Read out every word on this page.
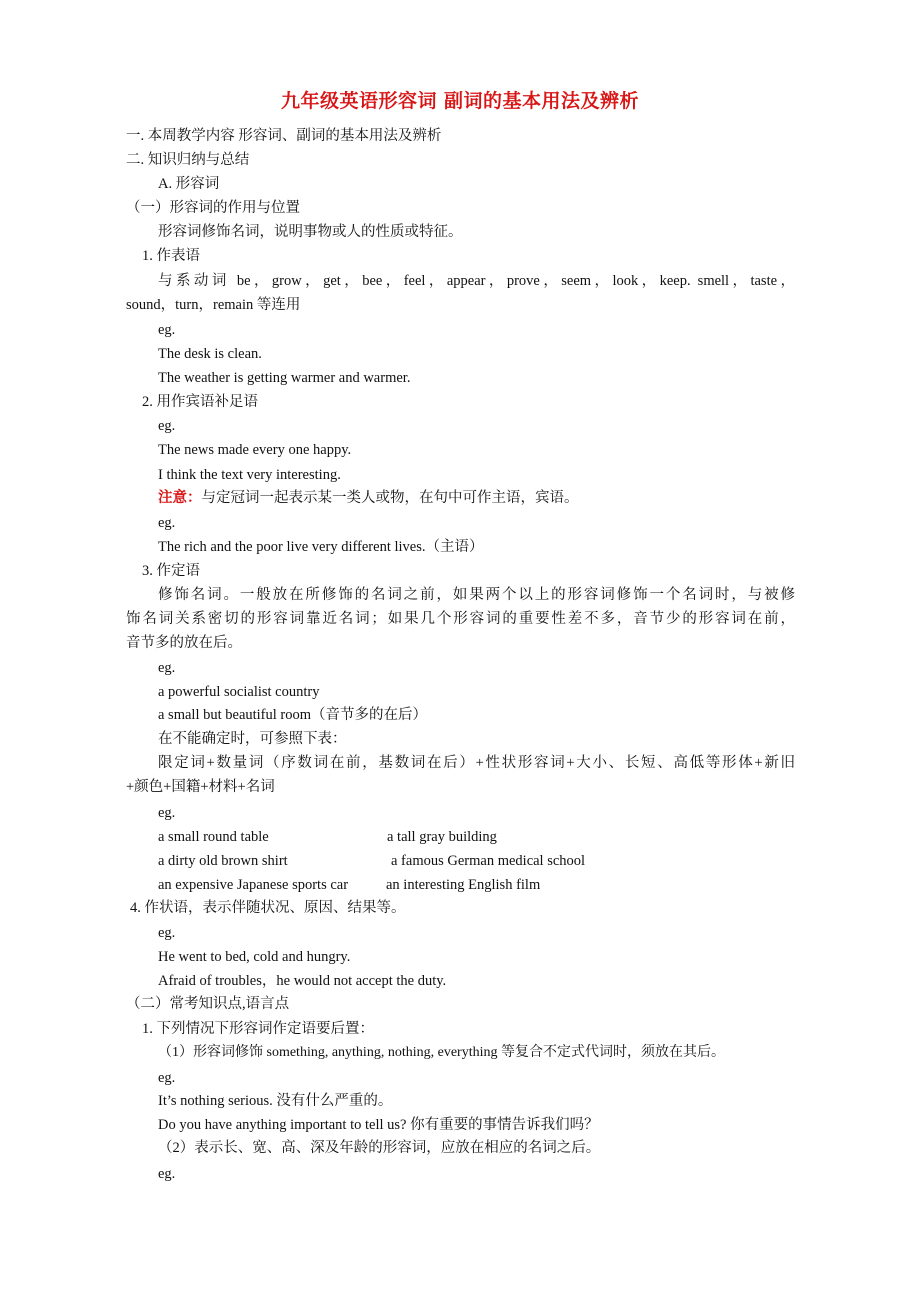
九年级英语形容词 副词的基本用法及辨析
一. 本周教学内容 形容词、副词的基本用法及辨析
二. 知识归纳与总结
A. 形容词
（一）形容词的作用与位置
形容词修饰名词，说明事物或人的性质或特征。
1. 作表语
与系动词 be，grow，get，bee，feel，appear，prove，seem，look，keep. smell，taste，
sound，turn，remain 等连用
eg.
The desk is clean.
The weather is getting warmer and warmer.
2. 用作宾语补足语
eg.
The news made every one happy.
I think the text very interesting.
注意：与定冠词一起表示某一类人或物，在句中可作主语，宾语。
eg.
The rich and the poor live very different lives.（主语）
3. 作定语
修饰名词。一般放在所修饰的名词之前，如果两个以上的形容词修饰一个名词时，与被修
饰名词关系密切的形容词靠近名词；如果几个形容词的重要性差不多，音节少的形容词在前，
音节多的放在后。
eg.
a powerful socialist country
a small but beautiful room（音节多的在后）
在不能确定时，可参照下表：
限定词+数量词（序数词在前，基数词在后）+性状形容词+大小、长短、高低等形体+新旧
+颜色+国籍+材料+名词
eg.
a small round table	a tall gray building
a dirty old brown shirt	a famous German medical school
an expensive Japanese sports car	an interesting English film
4. 作状语，表示伴随状况、原因、结果等。
eg.
He went to bed, cold and hungry.
Afraid of troubles，he would not accept the duty.
（二）常考知识点,语言点
1. 下列情况下形容词作定语要后置：
（1）形容词修饰 something, anything, nothing, everything 等复合不定式代词时，须放在其后。
eg.
It’s nothing serious. 没有什么严重的。
Do you have anything important to tell us? 你有重要的事情告诉我们吗？
（2）表示长、宽、高、深及年龄的形容词，应放在相应的名词之后。
eg.
